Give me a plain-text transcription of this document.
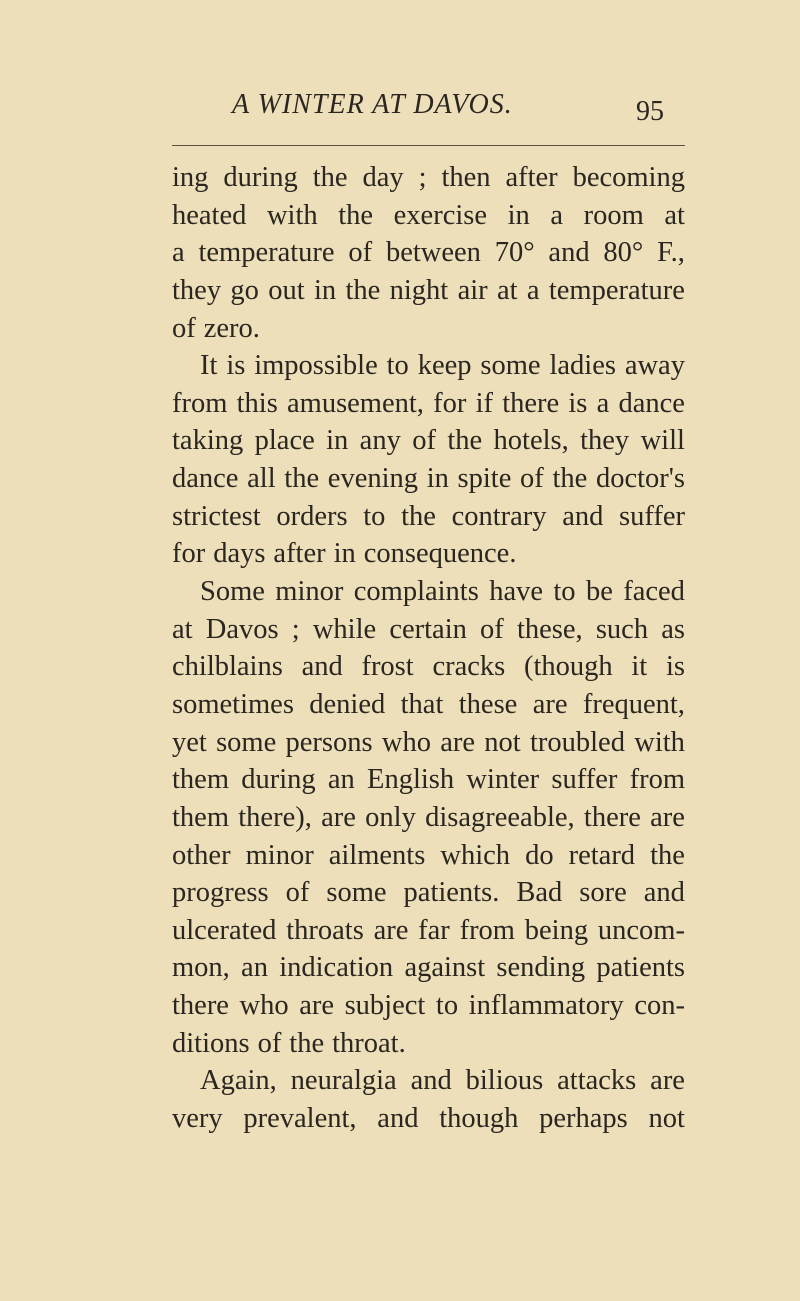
A WINTER AT DAVOS.	95
ing during the day ; then after becoming
heated with the exercise in a room at
a temperature of between 70° and 80° F.,
they go out in the night air at a temperature
of zero.
It is impossible to keep some ladies away
from this amusement, for if there is a dance
taking place in any of the hotels, they will
dance all the evening in spite of the doctor's
strictest orders to the contrary and suffer
for days after in consequence.
Some minor complaints have to be faced
at Davos ; while certain of these, such as
chilblains and frost cracks (though it is
sometimes denied that these are frequent,
yet some persons who are not troubled with
them during an English winter suffer from
them there), are only disagreeable, there are
other minor ailments which do retard the
progress of some patients. Bad sore and
ulcerated throats are far from being uncom-
mon, an indication against sending patients
there who are subject to inflammatory con-
ditions of the throat.
Again, neuralgia and bilious attacks are
very prevalent, and though perhaps not
